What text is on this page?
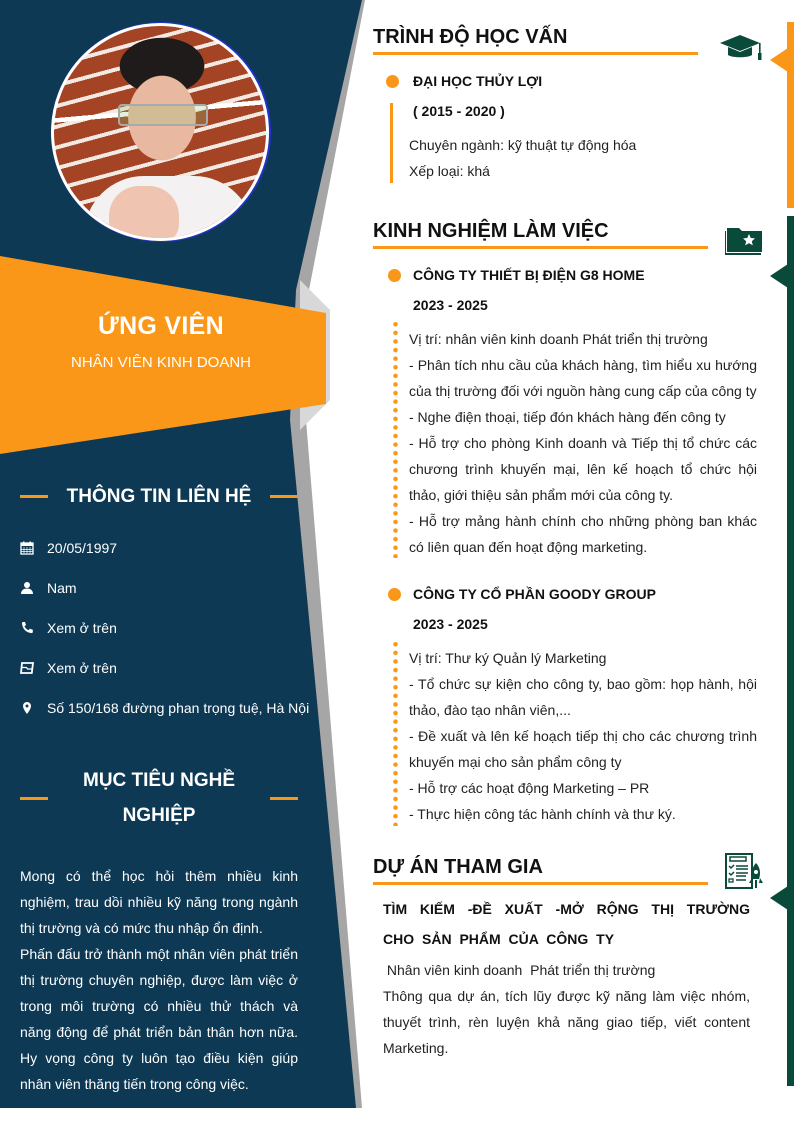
ỨNG VIÊN
NHÂN VIÊN KINH DOANH
THÔNG TIN LIÊN HỆ
20/05/1997
Nam
Xem ở trên
Xem ở trên
Số 150/168 đường phan trọng tuệ, Hà Nội
MỤC TIÊU NGHỀ
NGHIỆP
Mong có thể học hỏi thêm nhiều kinh nghiệm, trau dồi nhiều kỹ năng trong ngành thị trường và có mức thu nhập ổn định.
Phấn đấu trở thành một nhân viên phát triển thị trường chuyên nghiệp, được làm việc ở trong môi trường có nhiều thử thách và năng động để phát triển bản thân hơn nữa. Hy vọng công ty luôn tạo điều kiện giúp nhân viên thăng tiến trong công việc.
TRÌNH ĐỘ HỌC VẤN
ĐẠI HỌC THỦY LỢI
( 2015 - 2020 )
Chuyên ngành: kỹ thuật tự động hóa
Xếp loại: khá
KINH NGHIỆM LÀM VIỆC
CÔNG TY THIẾT BỊ ĐIỆN G8 HOME
2023 - 2025
Vị trí: nhân viên kinh doanh Phát triển thị trường
- Phân tích nhu cầu của khách hàng, tìm hiểu xu hướng của thị trường đối với nguồn hàng cung cấp của công ty
- Nghe điện thoại, tiếp đón khách hàng đến công ty
- Hỗ trợ cho phòng Kinh doanh và Tiếp thị tổ chức các chương trình khuyến mại, lên kế hoạch tổ chức hội thảo, giới thiệu sản phẩm mới của công ty.
- Hỗ trợ mảng hành chính cho những phòng ban khác có liên quan đến hoạt động marketing.
CÔNG TY CỔ PHẦN GOODY GROUP
2023 - 2025
Vị trí: Thư ký Quản lý Marketing
- Tổ chức sự kiện cho công ty, bao gồm: họp hành, hội thảo, đào tạo nhân viên,...
- Đề xuất và lên kế hoạch tiếp thị cho các chương trình khuyến mại cho sản phẩm công ty
- Hỗ trợ các hoạt động Marketing – PR
- Thực hiện công tác hành chính và thư ký.
DỰ ÁN THAM GIA
TÌM KIẾM -ĐỀ XUẤT -MỞ RỘNG THỊ TRƯỜNG CHO SẢN PHẨM CỦA CÔNG TY
Nhân viên kinh doanh  Phát triển thị trường
Thông qua dự án, tích lũy được kỹ năng làm việc nhóm, thuyết trình, rèn luyện khả năng giao tiếp, viết content Marketing.
